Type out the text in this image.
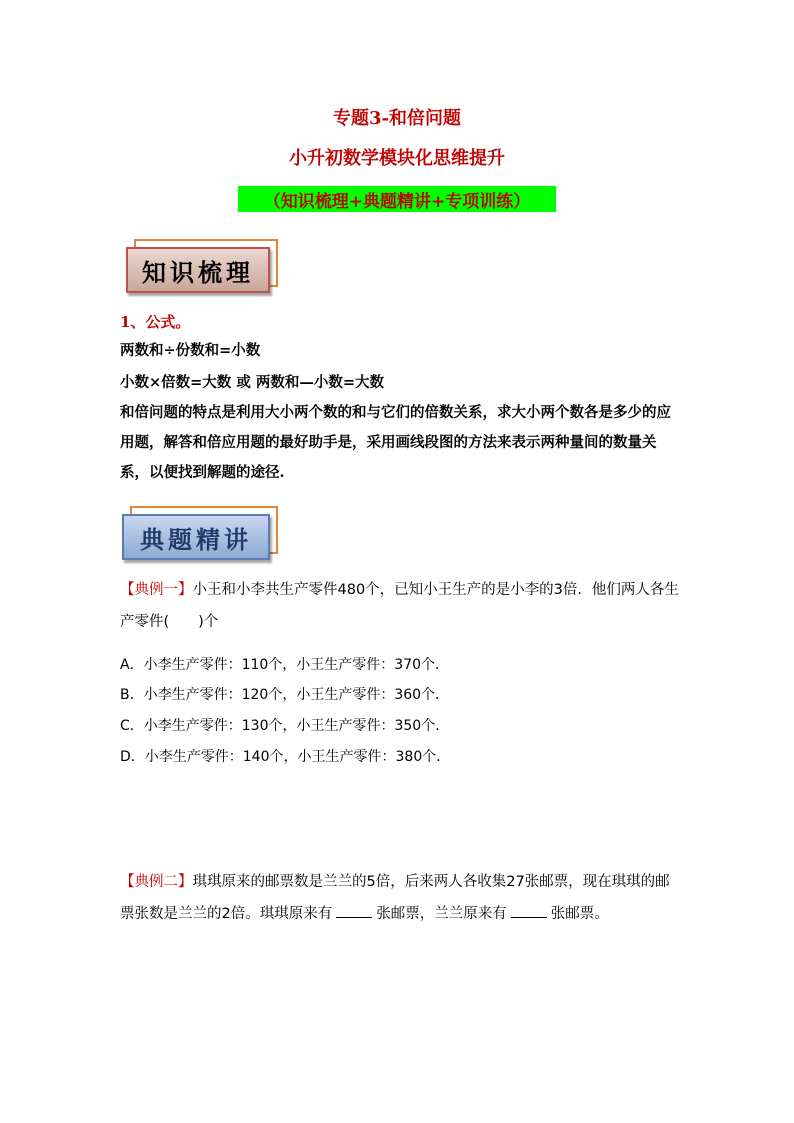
专题3-和倍问题
小升初数学模块化思维提升
（知识梳理+典题精讲+专项训练）
知识梳理
1、公式。
两数和÷份数和=小数
小数×倍数=大数 或 两数和—小数=大数
和倍问题的特点是利用大小两个数的和与它们的倍数关系，求大小两个数各是多少的应用题，解答和倍应用题的最好助手是，采用画线段图的方法来表示两种量间的数量关系，以便找到解题的途径.
典题精讲
【典例一】小王和小李共生产零件480个，已知小王生产的是小李的3倍．他们两人各生产零件(　　)个
A．小李生产零件：110个，小王生产零件：370个．
B．小李生产零件：120个，小王生产零件：360个．
C．小李生产零件：130个，小王生产零件：350个．
D．小李生产零件：140个，小王生产零件：380个．
【典例二】琪琪原来的邮票数是兰兰的5倍，后来两人各收集27张邮票，现在琪琪的邮票张数是兰兰的2倍。琪琪原来有	张邮票，兰兰原来有	张邮票。
